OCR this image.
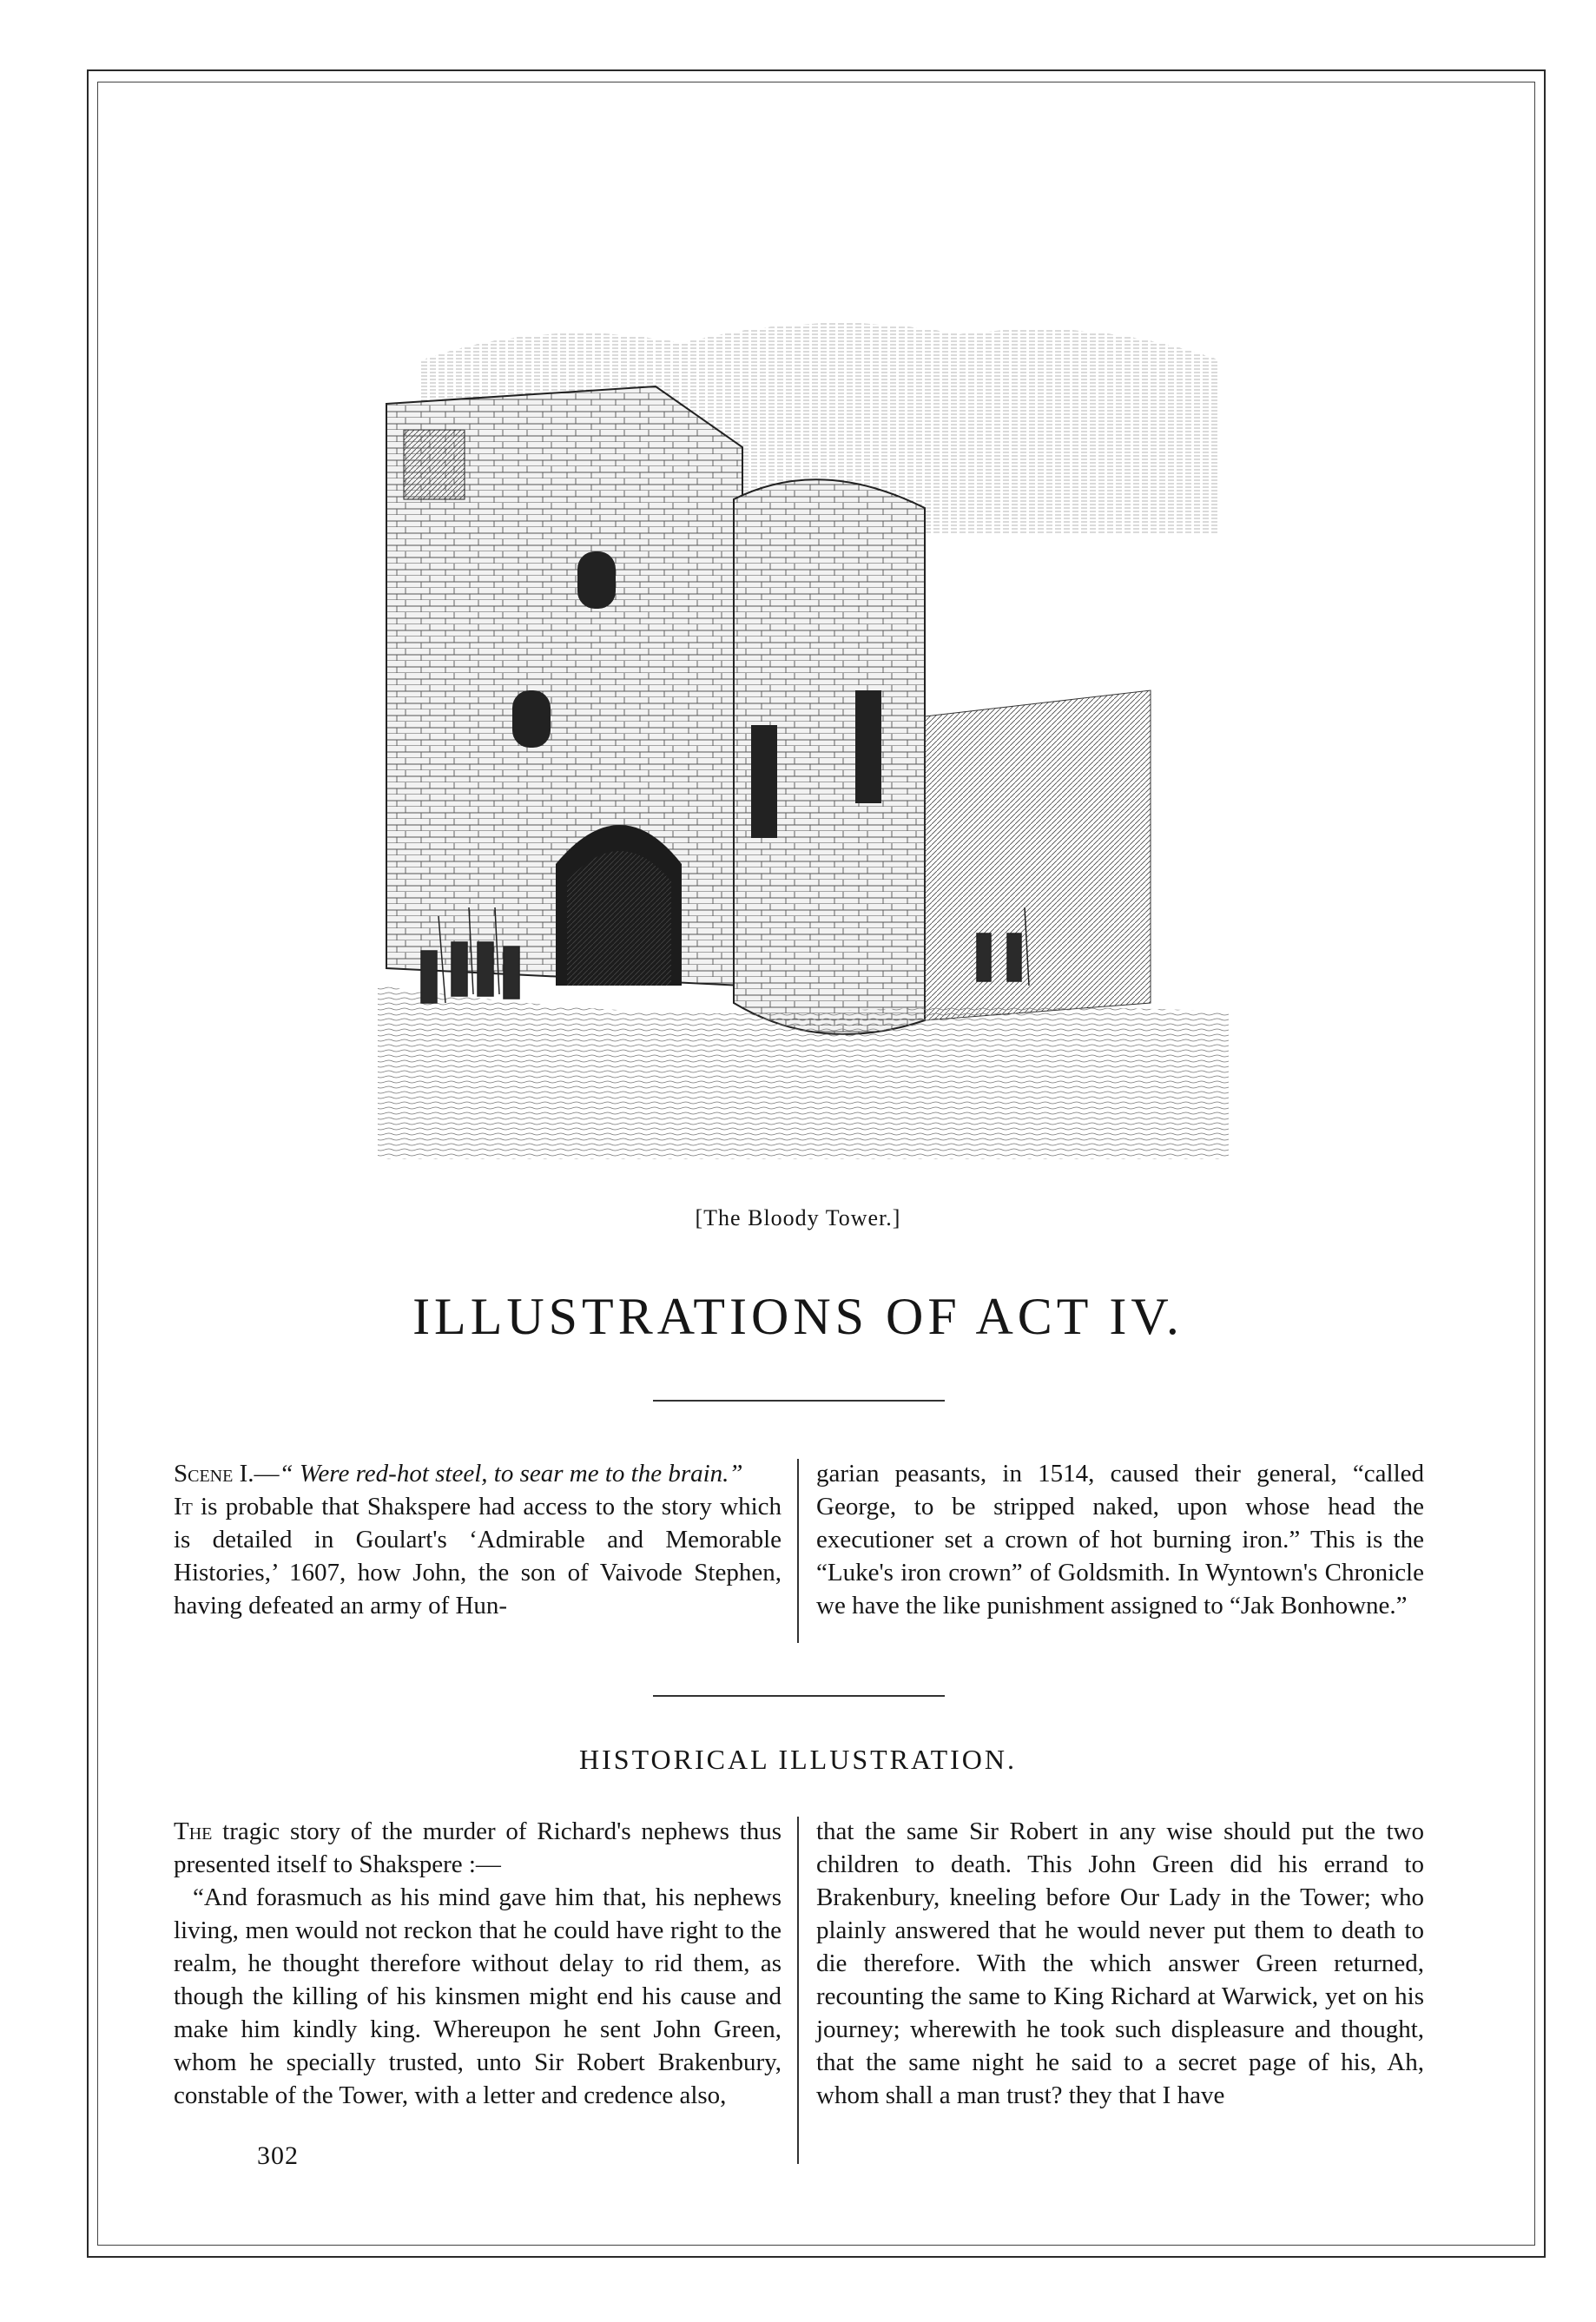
[The Bloody Tower.]
ILLUSTRATIONS OF ACT IV.

Scene I.—“ Were red-hot steel, to sear me to the brain.”

It is probable that Shakspere had access to the story which is detailed in Goulart's ‘Admirable and Memorable Histories,’ 1607, how John, the son of Vaivode Stephen, having defeated an army of Hun-

garian peasants, in 1514, caused their general, “called George, to be stripped naked, upon whose head the executioner set a crown of hot burning iron.” This is the “Luke's iron crown” of Goldsmith. In Wyntown's Chronicle we have the like punishment assigned to “Jak Bonhowne.”

HISTORICAL ILLUSTRATION.

The tragic story of the murder of Richard's nephews thus presented itself to Shakspere :—

“And forasmuch as his mind gave him that, his nephews living, men would not reckon that he could have right to the realm, he thought therefore without delay to rid them, as though the killing of his kinsmen might end his cause and make him kindly king. Whereupon he sent John Green, whom he specially trusted, unto Sir Robert Brakenbury, constable of the Tower, with a letter and credence also,

that the same Sir Robert in any wise should put the two children to death. This John Green did his errand to Brakenbury, kneeling before Our Lady in the Tower; who plainly answered that he would never put them to death to die therefore. With the which answer Green returned, recounting the same to King Richard at Warwick, yet on his journey; wherewith he took such displeasure and thought, that the same night he said to a secret page of his, Ah, whom shall a man trust? they that I have

302
